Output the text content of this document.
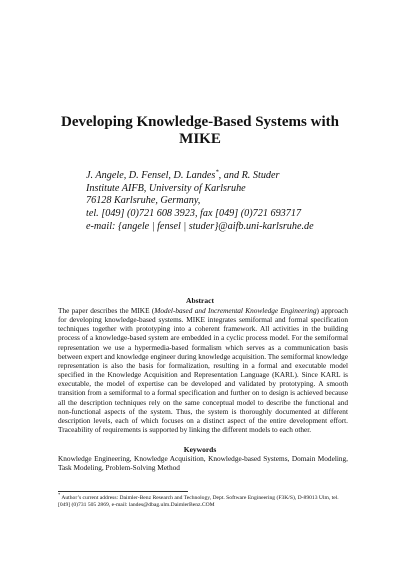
Developing Knowledge-Based Systems with
MIKE
J. Angele, D. Fensel, D. Landes*, and R. Studer
Institute AIFB, University of Karlsruhe
76128 Karlsruhe, Germany,
tel. [049] (0)721 608 3923, fax [049] (0)721 693717
e-mail: {angele | fensel | studer}@aifb.uni-karlsruhe.de
Abstract
The paper describes the MIKE (Model-based and Incremental Knowledge Engineering) approach for developing knowledge-based systems. MIKE integrates semiformal and formal specification techniques together with prototyping into a coherent framework. All activities in the building process of a knowledge-based system are embedded in a cyclic process model. For the semiformal representation we use a hypermedia-based formalism which serves as a communication basis between expert and knowledge engineer during knowledge acquisition. The semiformal knowledge representation is also the basis for formalization, resulting in a formal and executable model specified in the Knowledge Acquisition and Representation Language (KARL). Since KARL is executable, the model of expertise can be developed and validated by prototyping. A smooth transition from a semiformal to a formal specification and further on to design is achieved because all the description techniques rely on the same conceptual model to describe the functional and non-functional aspects of the system. Thus, the system is thoroughly documented at different description levels, each of which focuses on a distinct aspect of the entire development effort. Traceability of requirements is supported by linking the different models to each other.
Keywords
Knowledge Engineering, Knowledge Acquisition, Knowledge-based Systems, Domain Modeling, Task Modeling, Problem-Solving Method
* Author’s current address: Daimler-Benz Research and Technology, Dept. Software Engineering (F3K/S), D-89013 Ulm, tel. [049] (0)731 505 2869, e-mail: landes@dbag.ulm.DaimlerBenz.COM
